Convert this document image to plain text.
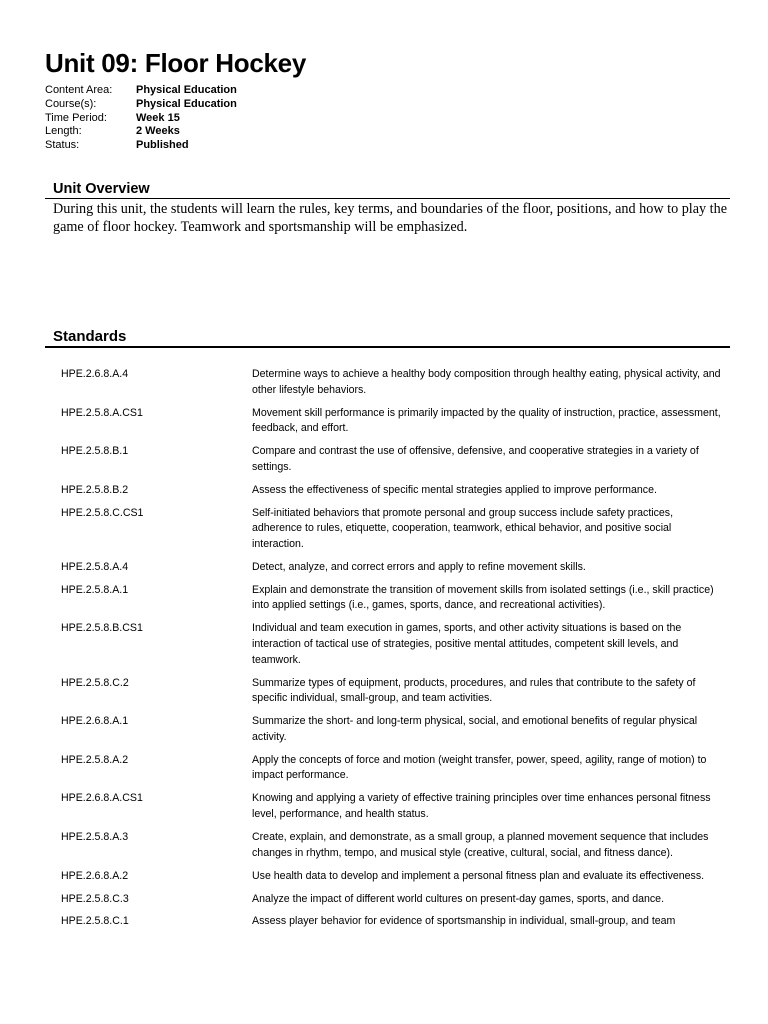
Unit 09: Floor Hockey
Content Area:	Physical Education
Course(s):	Physical Education
Time Period:	Week 15
Length:	2 Weeks
Status:	Published
Unit Overview

During this unit, the students will learn the rules, key terms, and boundaries of the floor, positions, and how to play the game of floor hockey. Teamwork and sportsmanship will be emphasized.

Standards
HPE.2.6.8.A.4	Determine ways to achieve a healthy body composition through healthy eating, physical activity, and other lifestyle behaviors.
HPE.2.5.8.A.CS1	Movement skill performance is primarily impacted by the quality of instruction, practice, assessment, feedback, and effort.
HPE.2.5.8.B.1	Compare and contrast the use of offensive, defensive, and cooperative strategies in a variety of settings.
HPE.2.5.8.B.2	Assess the effectiveness of specific mental strategies applied to improve performance.
HPE.2.5.8.C.CS1	Self-initiated behaviors that promote personal and group success include safety practices, adherence to rules, etiquette, cooperation, teamwork, ethical behavior, and positive social interaction.
HPE.2.5.8.A.4	Detect, analyze, and correct errors and apply to refine movement skills.
HPE.2.5.8.A.1	Explain and demonstrate the transition of movement skills from isolated settings (i.e., skill practice) into applied settings (i.e., games, sports, dance, and recreational activities).
HPE.2.5.8.B.CS1	Individual and team execution in games, sports, and other activity situations is based on the interaction of tactical use of strategies, positive mental attitudes, competent skill levels, and teamwork.
HPE.2.5.8.C.2	Summarize types of equipment, products, procedures, and rules that contribute to the safety of specific individual, small-group, and team activities.
HPE.2.6.8.A.1	Summarize the short- and long-term physical, social, and emotional benefits of regular physical activity.
HPE.2.5.8.A.2	Apply the concepts of force and motion (weight transfer, power, speed, agility, range of motion) to impact performance.
HPE.2.6.8.A.CS1	Knowing and applying a variety of effective training principles over time enhances personal fitness level, performance, and health status.
HPE.2.5.8.A.3	Create, explain, and demonstrate, as a small group, a planned movement sequence that includes changes in rhythm, tempo, and musical style (creative, cultural, social, and fitness dance).
HPE.2.6.8.A.2	Use health data to develop and implement a personal fitness plan and evaluate its effectiveness.
HPE.2.5.8.C.3	Analyze the impact of different world cultures on present-day games, sports, and dance.
HPE.2.5.8.C.1	Assess player behavior for evidence of sportsmanship in individual, small-group, and team
